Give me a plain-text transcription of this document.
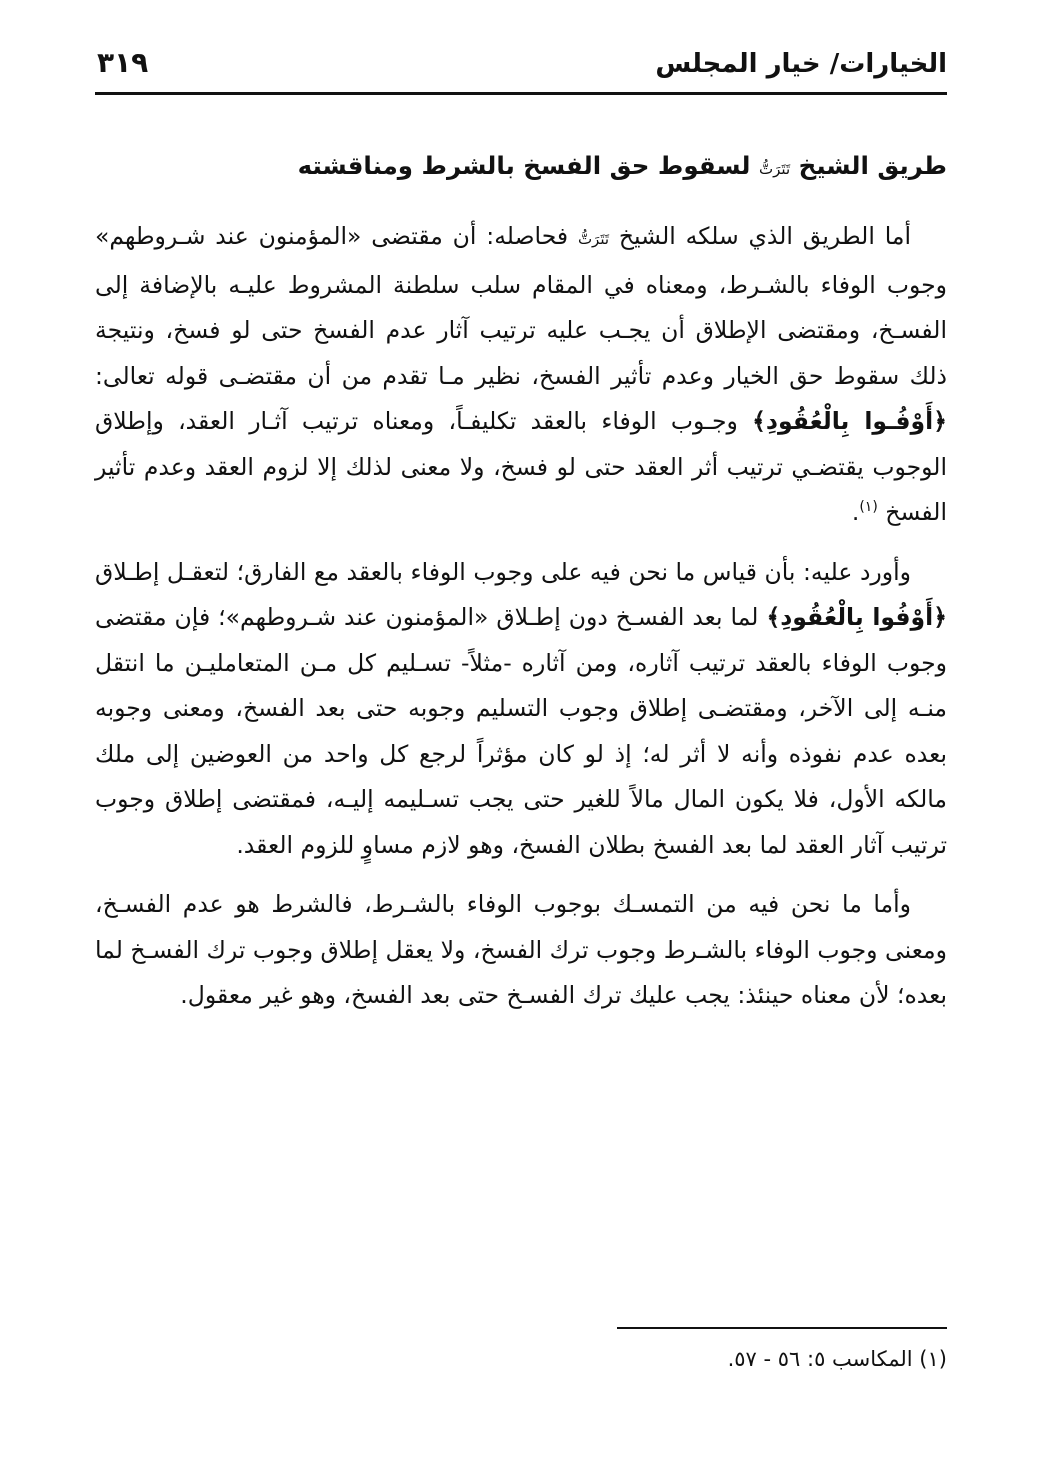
الخيارات/ خيار المجلس
٣١٩
طريق الشيخ تَتَرَتُّ لسقوط حق الفسخ بالشرط ومناقشته

أما الطريق الذي سلكه الشيخ تَتَرَتُّ فحاصله: أن مقتضى «المؤمنون عند شـروطهم» وجوب الوفاء بالشـرط، ومعناه في المقام سلب سلطنة المشروط عليـه بالإضافة إلى الفسـخ، ومقتضى الإطلاق أن يجـب عليه ترتيب آثار عدم الفسخ حتى لو فسخ، ونتيجة ذلك سقوط حق الخيار وعدم تأثير الفسخ، نظير مـا تقدم من أن مقتضـى قوله تعالى: ﴿أَوْفُـوا بِالْعُقُودِ﴾ وجـوب الوفاء بالعقد تكليفـاً، ومعناه ترتيب آثـار العقد، وإطلاق الوجوب يقتضـي ترتيب أثر العقد حتى لو فسخ، ولا معنى لذلك إلا لزوم العقد وعدم تأثير الفسخ $^{(١)}$.

وأورد عليه: بأن قياس ما نحن فيه على وجوب الوفاء بالعقد مع الفارق؛ لتعقـل إطـلاق ﴿أَوْفُوا بِالْعُقُودِ﴾ لما بعد الفسـخ دون إطـلاق «المؤمنون عند شـروطهم»؛ فإن مقتضى وجوب الوفاء بالعقد ترتيب آثاره، ومن آثاره -مثلاً- تسـليم كل مـن المتعامليـن ما انتقل منـه إلى الآخر، ومقتضـى إطلاق وجوب التسليم وجوبه حتى بعد الفسخ، ومعنى وجوبه بعده عدم نفوذه وأنه لا أثر له؛ إذ لو كان مؤثراً لرجع كل واحد من العوضين إلى ملك مالكه الأول، فلا يكون المال مالاً للغير حتى يجب تسـليمه إليـه، فمقتضى إطلاق وجوب ترتيب آثار العقد لما بعد الفسخ بطلان الفسخ، وهو لازم مساوٍ للزوم العقد.

وأما ما نحن فيه من التمسـك بوجوب الوفاء بالشـرط، فالشرط هو عدم الفسـخ، ومعنى وجوب الوفاء بالشـرط وجوب ترك الفسخ، ولا يعقل إطلاق وجوب ترك الفسـخ لما بعده؛ لأن معناه حينئذ: يجب عليك ترك الفسـخ حتى بعد الفسخ، وهو غير معقول.

(١) المكاسب ٥: ٥٦ - ٥٧.
